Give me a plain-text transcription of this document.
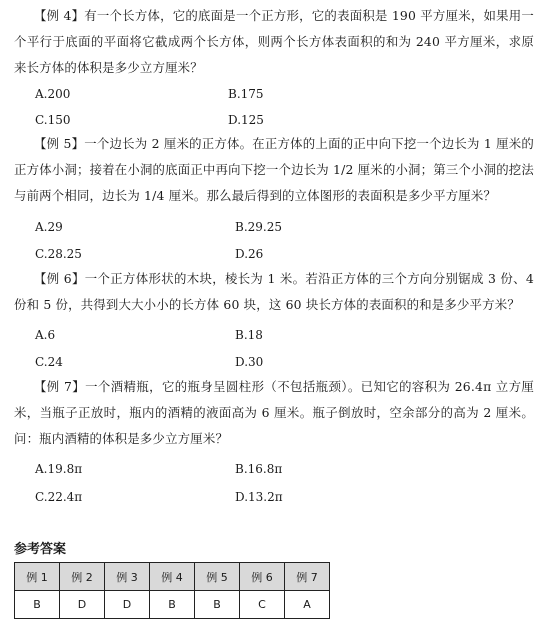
【例 4】有一个长方体，它的底面是一个正方形，它的表面积是 190 平方厘米，如果用一个平行于底面的平面将它截成两个长方体，则两个长方体表面积的和为 240 平方厘米，求原来长方体的体积是多少立方厘米？
A.200	B.175
C.150	D.125
【例 5】一个边长为 2 厘米的正方体。在正方体的上面的正中向下挖一个边长为 1 厘米的正方体小洞；接着在小洞的底面正中再向下挖一个边长为 1/2 厘米的小洞；第三个小洞的挖法与前两个相同，边长为 1/4 厘米。那么最后得到的立体图形的表面积是多少平方厘米？
A.29	B.29.25
C.28.25	D.26
【例 6】一个正方体形状的木块，棱长为 1 米。若沿正方体的三个方向分别锯成 3 份、4 份和 5 份，共得到大大小小的长方体 60 块，这 60 块长方体的表面积的和是多少平方米？
A.6	B.18
C.24	D.30
【例 7】一个酒精瓶，它的瓶身呈圆柱形（不包括瓶颈）。已知它的容积为 26.4π 立方厘米，当瓶子正放时，瓶内的酒精的液面高为 6 厘米。瓶子倒放时，空余部分的高为 2 厘米。问：瓶内酒精的体积是多少立方厘米？
A.19.8π	B.16.8π
C.22.4π	D.13.2π
参考答案
例 1	例 2	例 3	例 4	例 5	例 6	例 7
B	D	D	B	B	C	A
